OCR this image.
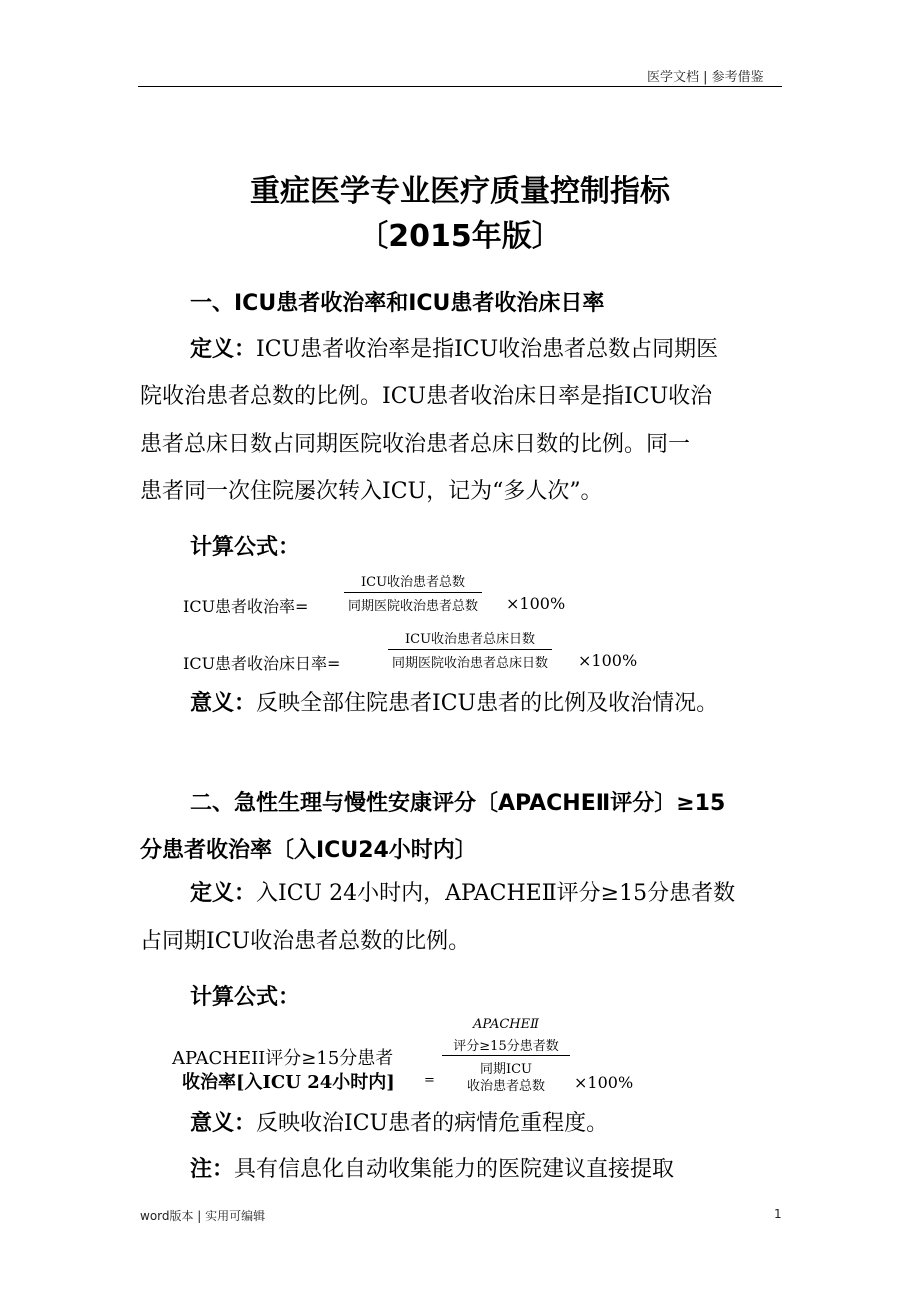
医学文档 | 参考借鉴
重症医学专业医疗质量控制指标
〔2015年版〕
一、ICU患者收治率和ICU患者收治床日率
定义：ICU患者收治率是指ICU收治患者总数占同期医
院收治患者总数的比例。ICU患者收治床日率是指ICU收治
患者总床日数占同期医院收治患者总床日数的比例。同一
患者同一次住院屡次转入ICU，记为“多人次”。
计算公式：
ICU患者收治率=
ICU收治患者总数
同期医院收治患者总数 ×100%
ICU患者收治床日率=
ICU收治患者总床日数
同期医院收治患者总床日数 ×100%
意义：反映全部住院患者ICU患者的比例及收治情况。
二、急性生理与慢性安康评分〔APACHEⅡ评分〕≥15
分患者收治率〔入ICU24小时内〕
定义：入ICU 24小时内，APACHEⅡ评分≥15分患者数
占同期ICU收治患者总数的比例。
计算公式：
APACHEII评分≥15分患者
收治率[入ICU 24小时内] =
APACHEⅡ
评分≥15分患者数
同期ICU
收治患者总数	×100%
意义：反映收治ICU患者的病情危重程度。
注：具有信息化自动收集能力的医院建议直接提取
word版本 | 实用可编辑	1
